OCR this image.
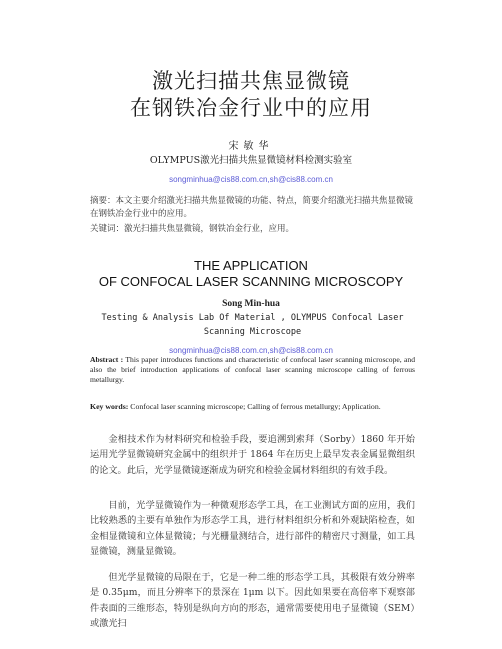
激光扫描共焦显微镜
在钢铁冶金行业中的应用
宋敏华
OLYMPUS激光扫描共焦显微镜材料检测实验室
songminhua@cis88.com.cn,sh@cis88.com.cn
摘要：本文主要介绍激光扫描共焦显微镜的功能、特点，简要介绍激光扫描共焦显微镜在钢铁冶金行业中的应用。
关键词：激光扫描共焦显微镜，钢铁冶金行业，应用。
THE APPLICATION
OF CONFOCAL LASER SCANNING MICROSCOPY
Song Min-hua
Testing & Analysis Lab Of Material , OLYMPUS Confocal Laser Scanning Microscope
songminhua@cis88.com.cn,sh@cis88.com.cn
Abstract : This paper introduces functions and characteristic of confocal laser scanning microscope, and also the brief introduction applications of confocal laser scanning microscope calling of ferrous metallurgy.
Key words: Confocal laser scanning microscope; Calling of ferrous metallurgy; Application.
金相技术作为材料研究和检验手段，要追溯到索拜（Sorby）1860 年开始运用光学显微镜研究金属中的组织并于 1864 年在历史上最早发表金属显微组织的论文。此后，光学显微镜逐渐成为研究和检验金属材料组织的有效手段。
目前，光学显微镜作为一种微观形态学工具，在工业测试方面的应用，我们比较熟悉的主要有单独作为形态学工具，进行材料组织分析和外观缺陷检查，如金相显微镜和立体显微镜；与光栅量测结合，进行部件的精密尺寸测量，如工具显微镜，测量显微镜。
但光学显微镜的局限在于，它是一种二维的形态学工具，其极限有效分辨率是 0.35μm，而且分辨率下的景深在 1μm 以下。因此如果要在高倍率下观察部件表面的三维形态，特别是纵向方向的形态，通常需要使用电子显微镜（SEM）或激光扫
